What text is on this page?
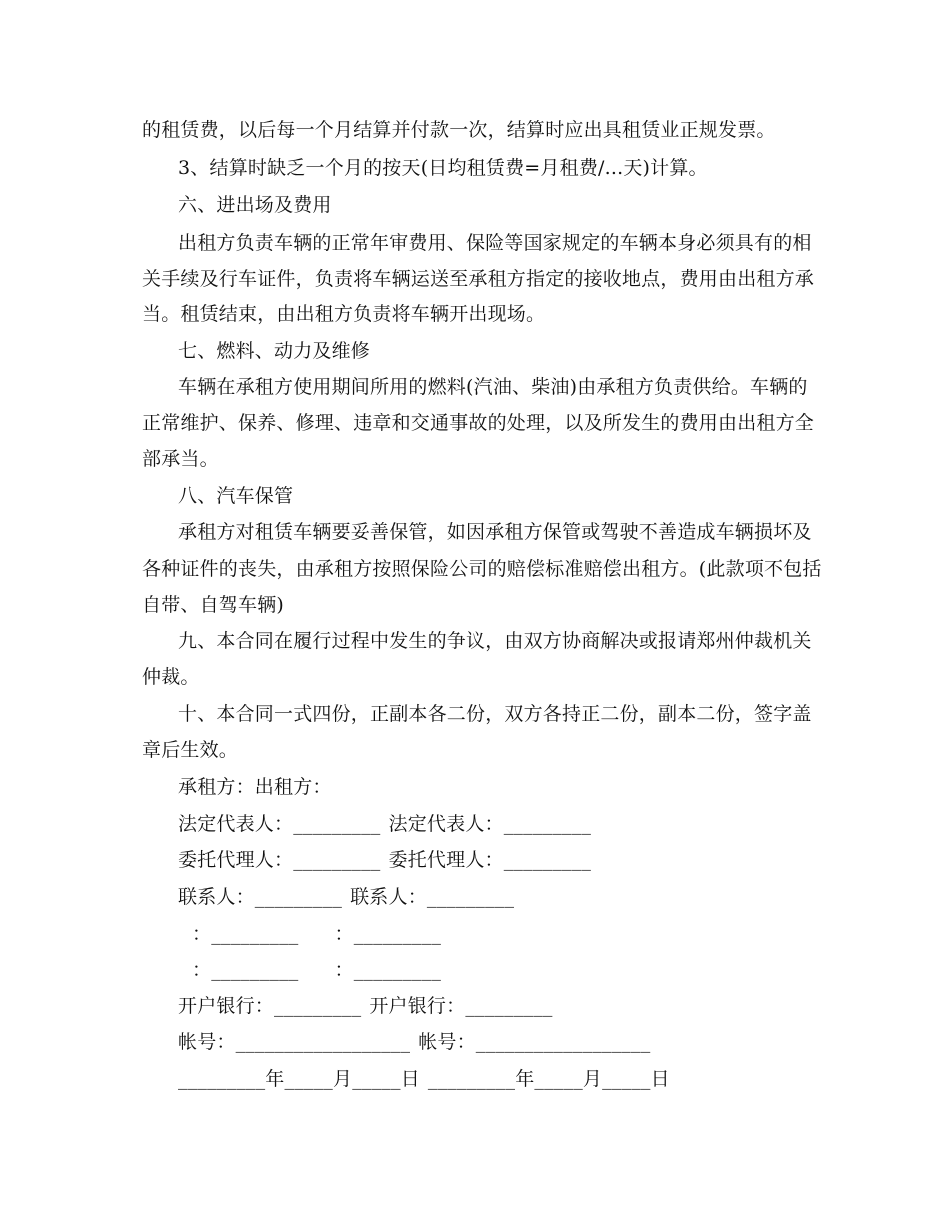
的租赁费，以后每一个月结算并付款一次，结算时应出具租赁业正规发票。
3、结算时缺乏一个月的按天(日均租赁费=月租费/...天)计算。
六、进出场及费用
出租方负责车辆的正常年审费用、保险等国家规定的车辆本身必须具有的相
关手续及行车证件，负责将车辆运送至承租方指定的接收地点，费用由出租方承
当。租赁结束，由出租方负责将车辆开出现场。
七、燃料、动力及维修
车辆在承租方使用期间所用的燃料(汽油、柴油)由承租方负责供给。车辆的
正常维护、保养、修理、违章和交通事故的处理，以及所发生的费用由出租方全
部承当。
八、汽车保管
承租方对租赁车辆要妥善保管，如因承租方保管或驾驶不善造成车辆损坏及
各种证件的丧失，由承租方按照保险公司的赔偿标准赔偿出租方。(此款项不包括
自带、自驾车辆)
九、本合同在履行过程中发生的争议，由双方协商解决或报请郑州仲裁机关
仲裁。
十、本合同一式四份，正副本各二份，双方各持正二份，副本二份，签字盖
章后生效。
承租方：出租方：
法定代表人：_________ 法定代表人：_________
委托代理人：_________ 委托代理人：_________
联系人：_________ 联系人：_________
：_________ ：_________
：_________ ：_________
开户银行：_________ 开户银行：_________
帐号：__________________ 帐号：__________________
_________年_____月_____日 _________年_____月_____日
